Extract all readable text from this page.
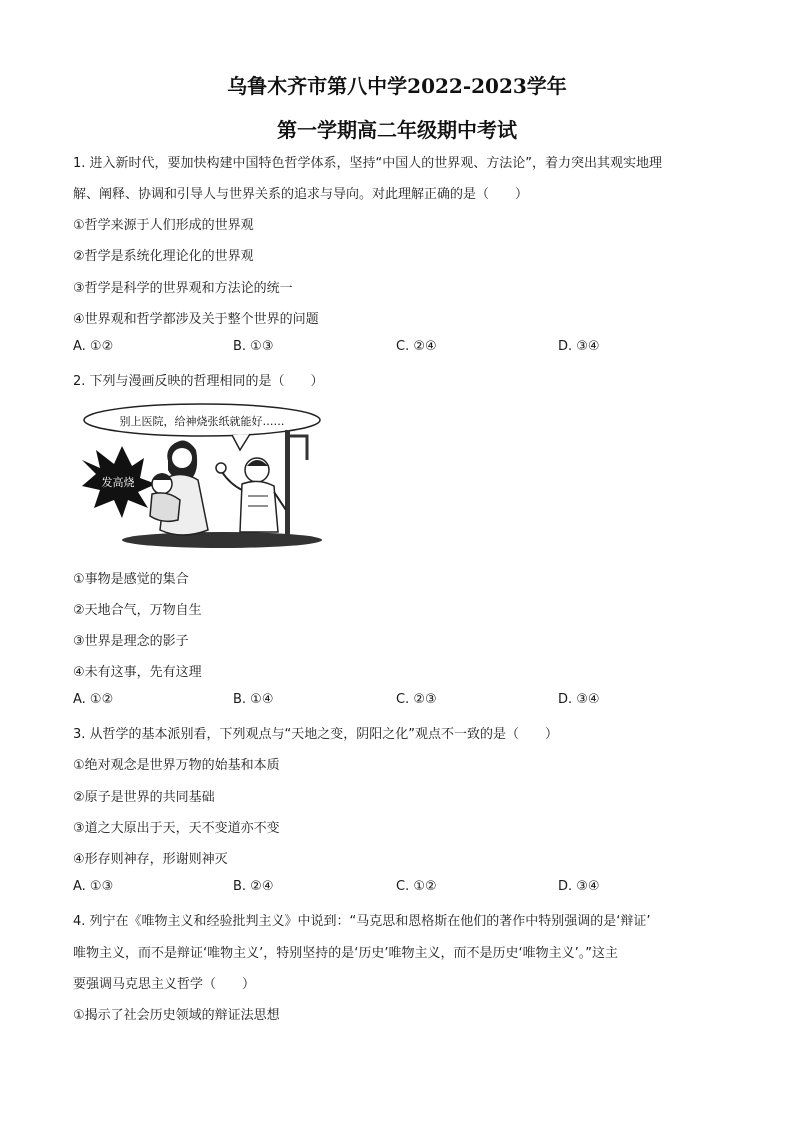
乌鲁木齐市第八中学2022-2023学年
第一学期高二年级期中考试
1. 进入新时代，要加快构建中国特色哲学体系，坚持“中国人的世界观、方法论”，着力突出其观实地理
解、阐释、协调和引导人与世界关系的追求与导向。对此理解正确的是（　　）
①哲学来源于人们形成的世界观
②哲学是系统化理论化的世界观
③哲学是科学的世界观和方法论的统一
④世界观和哲学都涉及关于整个世界的问题
A. ①②	B. ①③	C. ②④	D. ③④
2. 下列与漫画反映的哲理相同的是（　　）
别上医院，给神烧张纸就能好……
发高烧
①事物是感觉的集合
②天地合气，万物自生
③世界是理念的影子
④未有这事，先有这理
A. ①②	B. ①④	C. ②③	D. ③④
3. 从哲学的基本派别看，下列观点与“天地之变，阴阳之化”观点不一致的是（　　）
①绝对观念是世界万物的始基和本质
②原子是世界的共同基础
③道之大原出于天，天不变道亦不变
④形存则神存，形谢则神灭
A. ①③	B. ②④	C. ①②	D. ③④
4. 列宁在《唯物主义和经验批判主义》中说到：“马克思和恩格斯在他们的著作中特别强调的是‘辩证’
唯物主义，而不是辩证‘唯物主义’，特别坚持的是‘历史’唯物主义，而不是历史‘唯物主义’。”这主
要强调马克思主义哲学（　　）
①揭示了社会历史领域的辩证法思想
